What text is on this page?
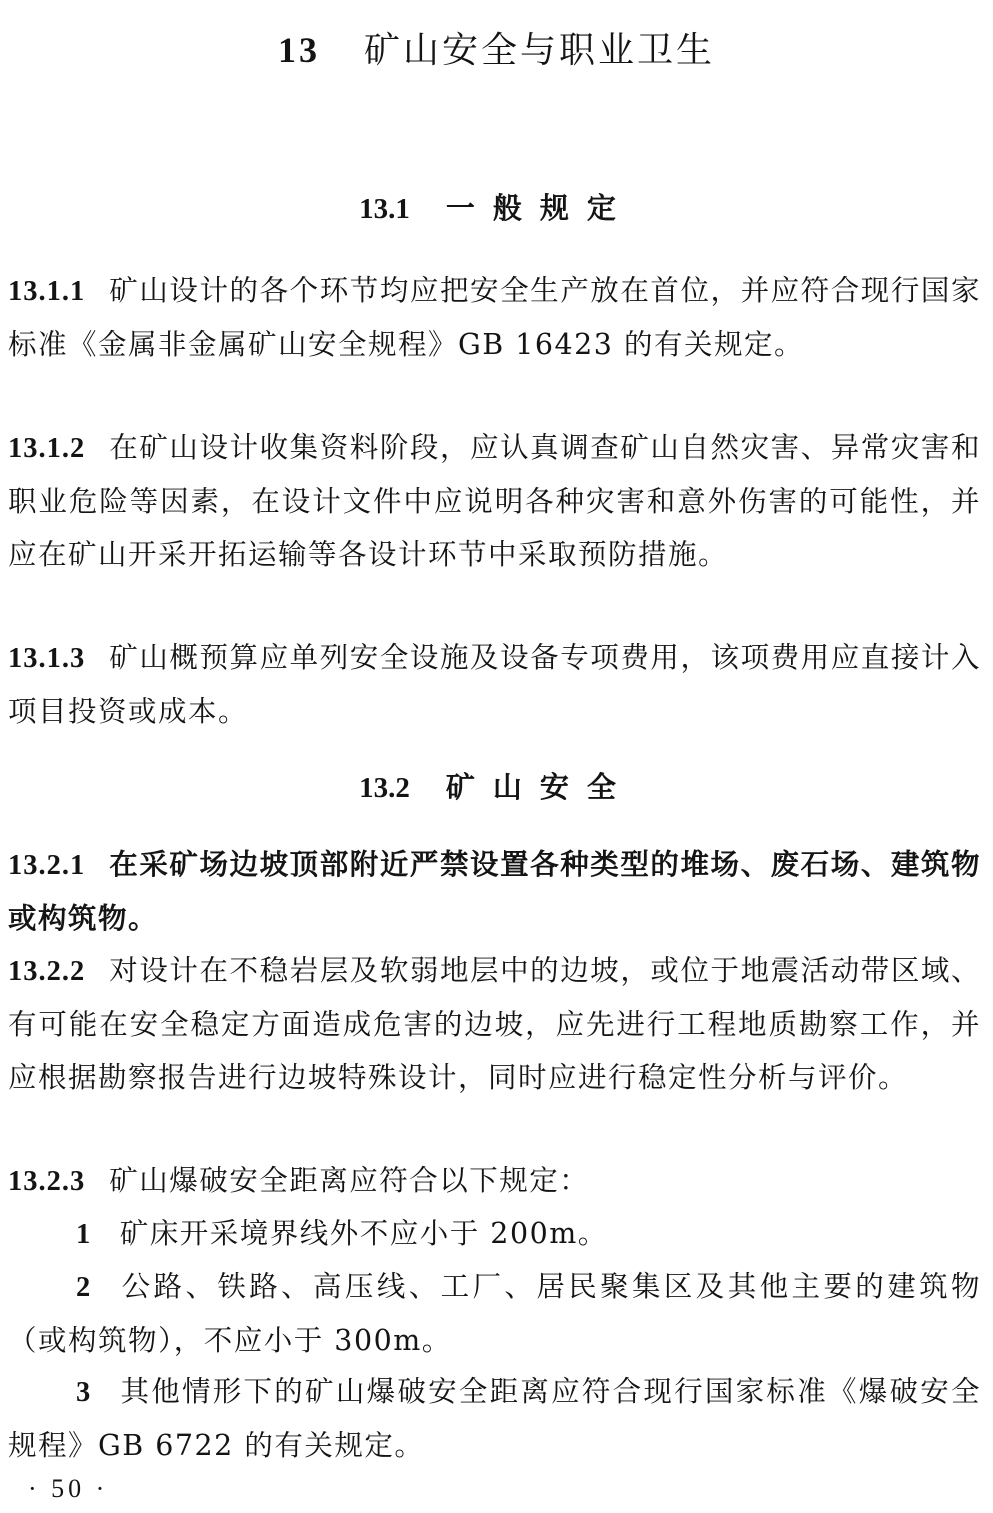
13 矿山安全与职业卫生
13.1 一般规定
13.1.1 矿山设计的各个环节均应把安全生产放在首位，并应符合现行国家标准《金属非金属矿山安全规程》GB 16423 的有关规定。
13.1.2 在矿山设计收集资料阶段，应认真调查矿山自然灾害、异常灾害和职业危险等因素，在设计文件中应说明各种灾害和意外伤害的可能性，并应在矿山开采开拓运输等各设计环节中采取预防措施。
13.1.3 矿山概预算应单列安全设施及设备专项费用，该项费用应直接计入项目投资或成本。
13.2 矿山安全
13.2.1 在采矿场边坡顶部附近严禁设置各种类型的堆场、废石场、建筑物或构筑物。
13.2.2 对设计在不稳岩层及软弱地层中的边坡，或位于地震活动带区域、有可能在安全稳定方面造成危害的边坡，应先进行工程地质勘察工作，并应根据勘察报告进行边坡特殊设计，同时应进行稳定性分析与评价。
13.2.3 矿山爆破安全距离应符合以下规定：
1 矿床开采境界线外不应小于 200m。
2 公路、铁路、高压线、工厂、居民聚集区及其他主要的建筑物（或构筑物），不应小于 300m。
3 其他情形下的矿山爆破安全距离应符合现行国家标准《爆破安全规程》GB 6722 的有关规定。
· 50 ·
